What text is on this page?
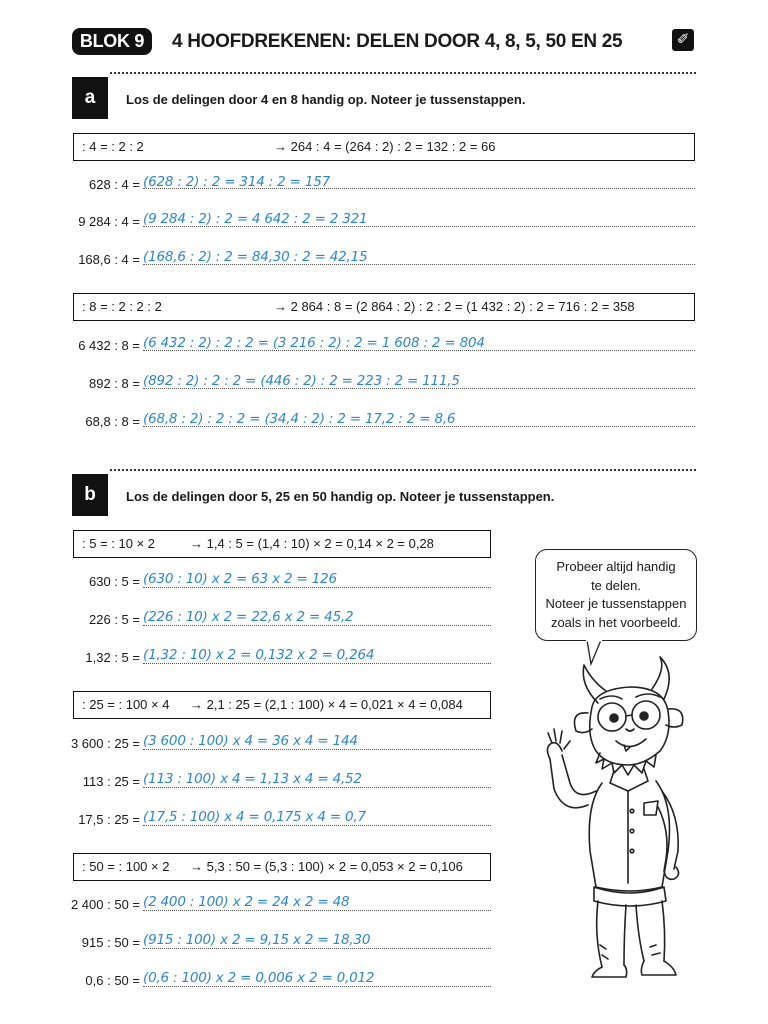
BLOK 9	4 HOOFDREKENEN: DELEN DOOR 4, 8, 5, 50 EN 25	✐
a	Los de delingen door 4 en 8 handig op. Noteer je tussenstappen.
: 4 = : 2 : 2	→ 264 : 4 = (264 : 2) : 2 = 132 : 2 = 66
628 : 4 = (628 : 2) : 2 = 314 : 2 = 157
9 284 : 4 = (9 284 : 2) : 2 = 4 642 : 2 = 2 321
168,6 : 4 = (168,6 : 2) : 2 = 84,30 : 2 = 42,15
: 8 = : 2 : 2 : 2	→ 2 864 : 8 = (2 864 : 2) : 2 : 2 = (1 432 : 2) : 2 = 716 : 2 = 358
6 432 : 8 = (6 432 : 2) : 2 : 2 = (3 216 : 2) : 2 = 1 608 : 2 = 804
892 : 8 = (892 : 2) : 2 : 2 = (446 : 2) : 2 = 223 : 2 = 111,5
68,8 : 8 = (68,8 : 2) : 2 : 2 = (34,4 : 2) : 2 = 17,2 : 2 = 8,6
b	Los de delingen door 5, 25 en 50 handig op. Noteer je tussenstappen.
: 5 = : 10 × 2	→ 1,4 : 5 = (1,4 : 10) × 2 = 0,14 × 2 = 0,28
630 : 5 = (630 : 10) x 2 = 63 x 2 = 126
226 : 5 = (226 : 10) x 2 = 22,6 x 2 = 45,2
1,32 : 5 = (1,32 : 10) x 2 = 0,132 x 2 = 0,264
: 25 = : 100 × 4 → 2,1 : 25 = (2,1 : 100) × 4 = 0,021 × 4 = 0,084
3 600 : 25 = (3 600 : 100) x 4 = 36 x 4 = 144
113 : 25 = (113 : 100) x 4 = 1,13 x 4 = 4,52
17,5 : 25 = (17,5 : 100) x 4 = 0,175 x 4 = 0,7
: 50 = : 100 × 2 → 5,3 : 50 = (5,3 : 100) × 2 = 0,053 × 2 = 0,106
2 400 : 50 = (2 400 : 100) x 2 = 24 x 2 = 48
915 : 50 = (915 : 100) x 2 = 9,15 x 2 = 18,30
0,6 : 50 = (0,6 : 100) x 2 = 0,006 x 2 = 0,012
Probeer altijd handig
te delen.
Noteer je tussenstappen
zoals in het voorbeeld.
